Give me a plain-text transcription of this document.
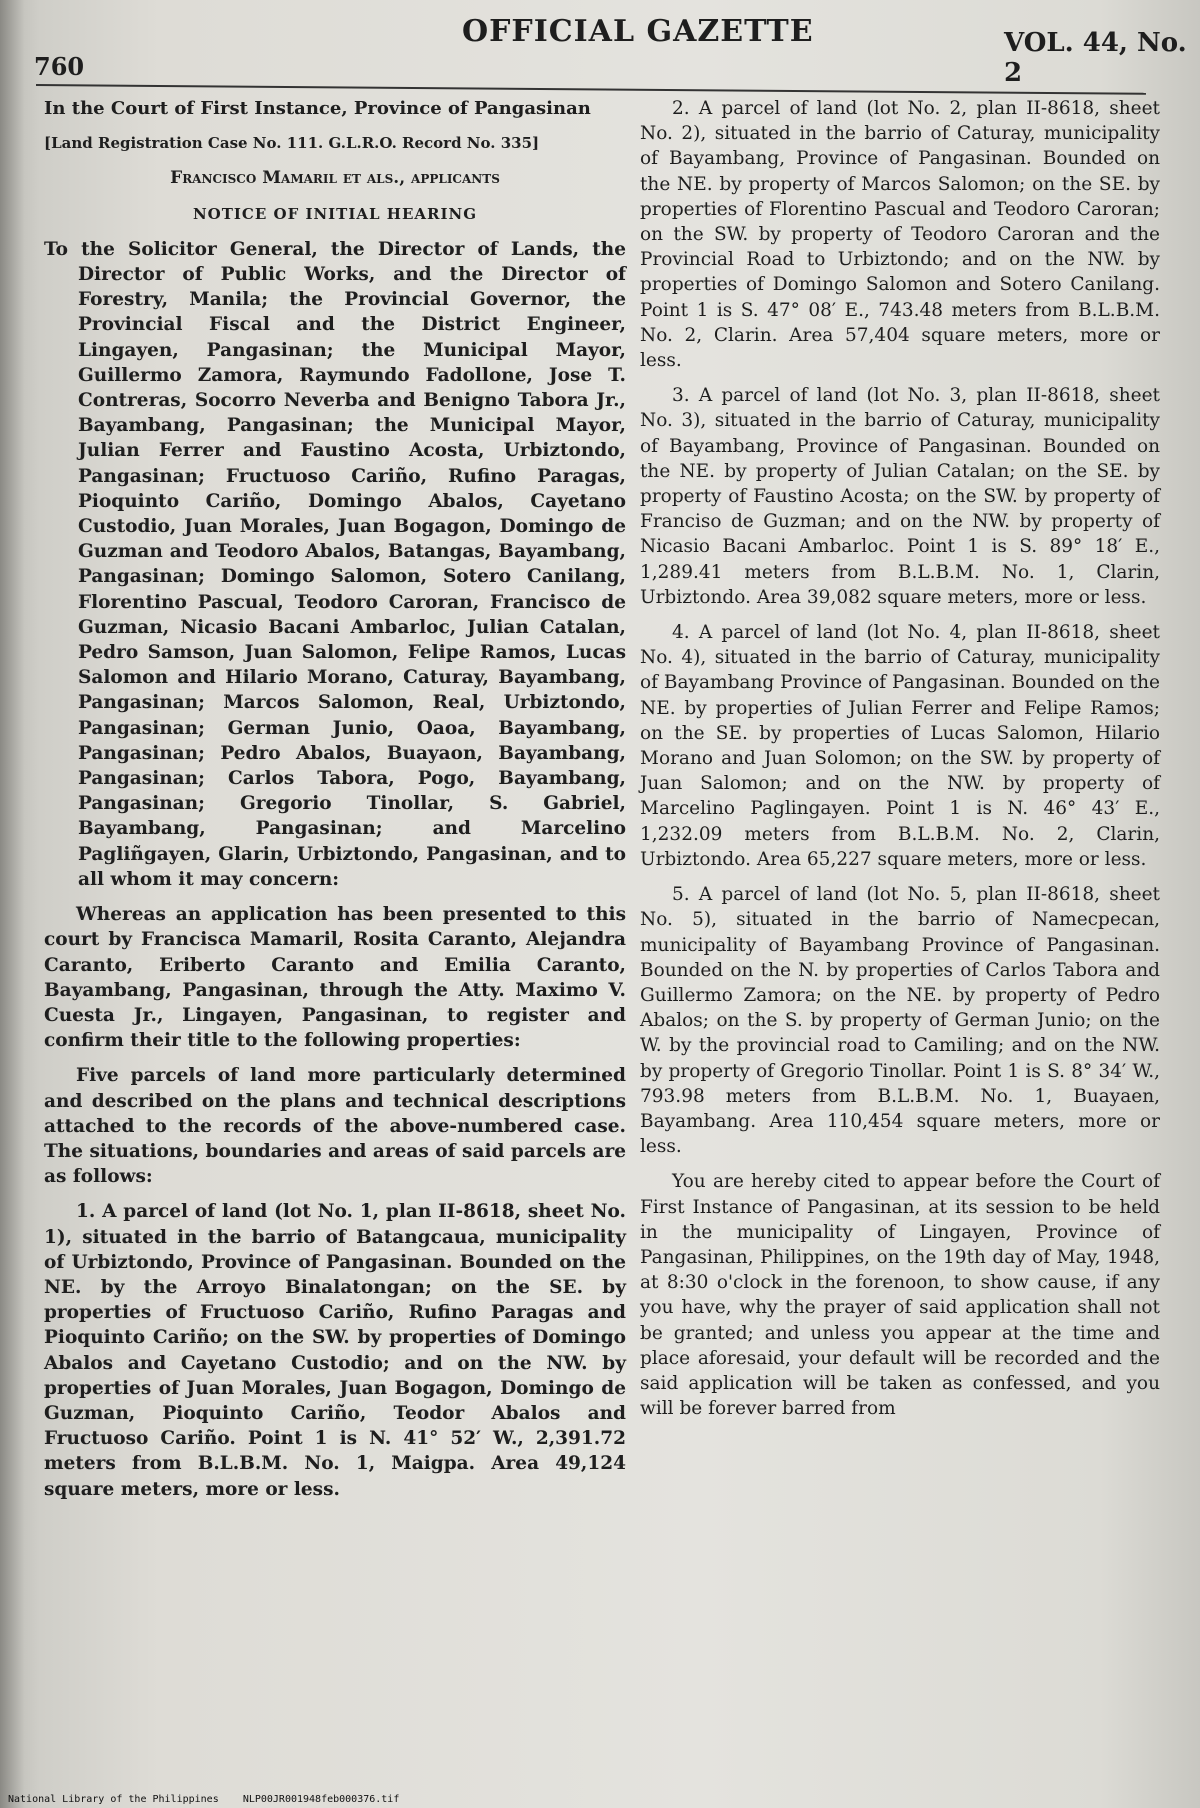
760
OFFICIAL GAZETTE	VOL. 44, No. 2

In the Court of First Instance, Province of Pangasinan

[Land Registration Case No. 111. G.L.R.O. Record No. 335]

Francisco Mamaril et als., applicants

NOTICE OF INITIAL HEARING

To the Solicitor General, the Director of Lands, the Director of Public Works, and the Director of Forestry, Manila; the Provincial Governor, the Provincial Fiscal and the District Engineer, Lingayen, Pangasinan; the Municipal Mayor, Guillermo Zamora, Raymundo Fadollone, Jose T. Contreras, Socorro Neverba and Benigno Tabora Jr., Bayambang, Pangasinan; the Municipal Mayor, Julian Ferrer and Faustino Acosta, Urbiztondo, Pangasinan; Fructuoso Cariño, Rufino Paragas, Pioquinto Cariño, Domingo Abalos, Cayetano Custodio, Juan Morales, Juan Bogagon, Domingo de Guzman and Teodoro Abalos, Batangas, Bayambang, Pangasinan; Domingo Salomon, Sotero Canilang, Florentino Pascual, Teodoro Caroran, Francisco de Guzman, Nicasio Bacani Ambarloc, Julian Catalan, Pedro Samson, Juan Salomon, Felipe Ramos, Lucas Salomon and Hilario Morano, Caturay, Bayambang, Pangasinan; Marcos Salomon, Real, Urbiztondo, Pangasinan; German Junio, Oaoa, Bayambang, Pangasinan; Pedro Abalos, Buayaon, Bayambang, Pangasinan; Carlos Tabora, Pogo, Bayambang, Pangasinan; Gregorio Tinollar, S. Gabriel, Bayambang, Pangasinan; and Marcelino Pagliñgayen, Glarin, Urbiztondo, Pangasinan, and to all whom it may concern:

Whereas an application has been presented to this court by Francisca Mamaril, Rosita Caranto, Alejandra Caranto, Eriberto Caranto and Emilia Caranto, Bayambang, Pangasinan, through the Atty. Maximo V. Cuesta Jr., Lingayen, Pangasinan, to register and confirm their title to the following properties:

Five parcels of land more particularly determined and described on the plans and technical descriptions attached to the records of the above-numbered case. The situations, boundaries and areas of said parcels are as follows:

1. A parcel of land (lot No. 1, plan II-8618, sheet No. 1), situated in the barrio of Batangcaua, municipality of Urbiztondo, Province of Pangasinan. Bounded on the NE. by the Arroyo Binalatongan; on the SE. by properties of Fructuoso Cariño, Rufino Paragas and Pioquinto Cariño; on the SW. by properties of Domingo Abalos and Cayetano Custodio; and on the NW. by properties of Juan Morales, Juan Bogagon, Domingo de Guzman, Pioquinto Cariño, Teodor Abalos and Fructuoso Cariño. Point 1 is N. 41° 52′ W., 2,391.72 meters from B.L.B.M. No. 1, Maigpa. Area 49,124 square meters, more or less.

2. A parcel of land (lot No. 2, plan II-8618, sheet No. 2), situated in the barrio of Caturay, municipality of Bayambang, Province of Pangasinan. Bounded on the NE. by property of Marcos Salomon; on the SE. by properties of Florentino Pascual and Teodoro Caroran; on the SW. by property of Teodoro Caroran and the Provincial Road to Urbiztondo; and on the NW. by properties of Domingo Salomon and Sotero Canilang. Point 1 is S. 47° 08′ E., 743.48 meters from B.L.B.M. No. 2, Clarin. Area 57,404 square meters, more or less.

3. A parcel of land (lot No. 3, plan II-8618, sheet No. 3), situated in the barrio of Caturay, municipality of Bayambang, Province of Pangasinan. Bounded on the NE. by property of Julian Catalan; on the SE. by property of Faustino Acosta; on the SW. by property of Franciso de Guzman; and on the NW. by property of Nicasio Bacani Ambarloc. Point 1 is S. 89° 18′ E., 1,289.41 meters from B.L.B.M. No. 1, Clarin, Urbiztondo. Area 39,082 square meters, more or less.

4. A parcel of land (lot No. 4, plan II-8618, sheet No. 4), situated in the barrio of Caturay, municipality of Bayambang Province of Pangasinan. Bounded on the NE. by properties of Julian Ferrer and Felipe Ramos; on the SE. by properties of Lucas Salomon, Hilario Morano and Juan Solomon; on the SW. by property of Juan Salomon; and on the NW. by property of Marcelino Paglingayen. Point 1 is N. 46° 43′ E., 1,232.09 meters from B.L.B.M. No. 2, Clarin, Urbiztondo. Area 65,227 square meters, more or less.

5. A parcel of land (lot No. 5, plan II-8618, sheet No. 5), situated in the barrio of Namecpecan, municipality of Bayambang Province of Pangasinan. Bounded on the N. by properties of Carlos Tabora and Guillermo Zamora; on the NE. by property of Pedro Abalos; on the S. by property of German Junio; on the W. by the provincial road to Camiling; and on the NW. by property of Gregorio Tinollar. Point 1 is S. 8° 34′ W., 793.98 meters from B.L.B.M. No. 1, Buayaen, Bayambang. Area 110,454 square meters, more or less.

You are hereby cited to appear before the Court of First Instance of Pangasinan, at its session to be held in the municipality of Lingayen, Province of Pangasinan, Philippines, on the 19th day of May, 1948, at 8:30 o'clock in the forenoon, to show cause, if any you have, why the prayer of said application shall not be granted; and unless you appear at the time and place aforesaid, your default will be recorded and the said application will be taken as confessed, and you will be forever barred from

National Library of the Philippines NLP00JR001948feb000376.tif
